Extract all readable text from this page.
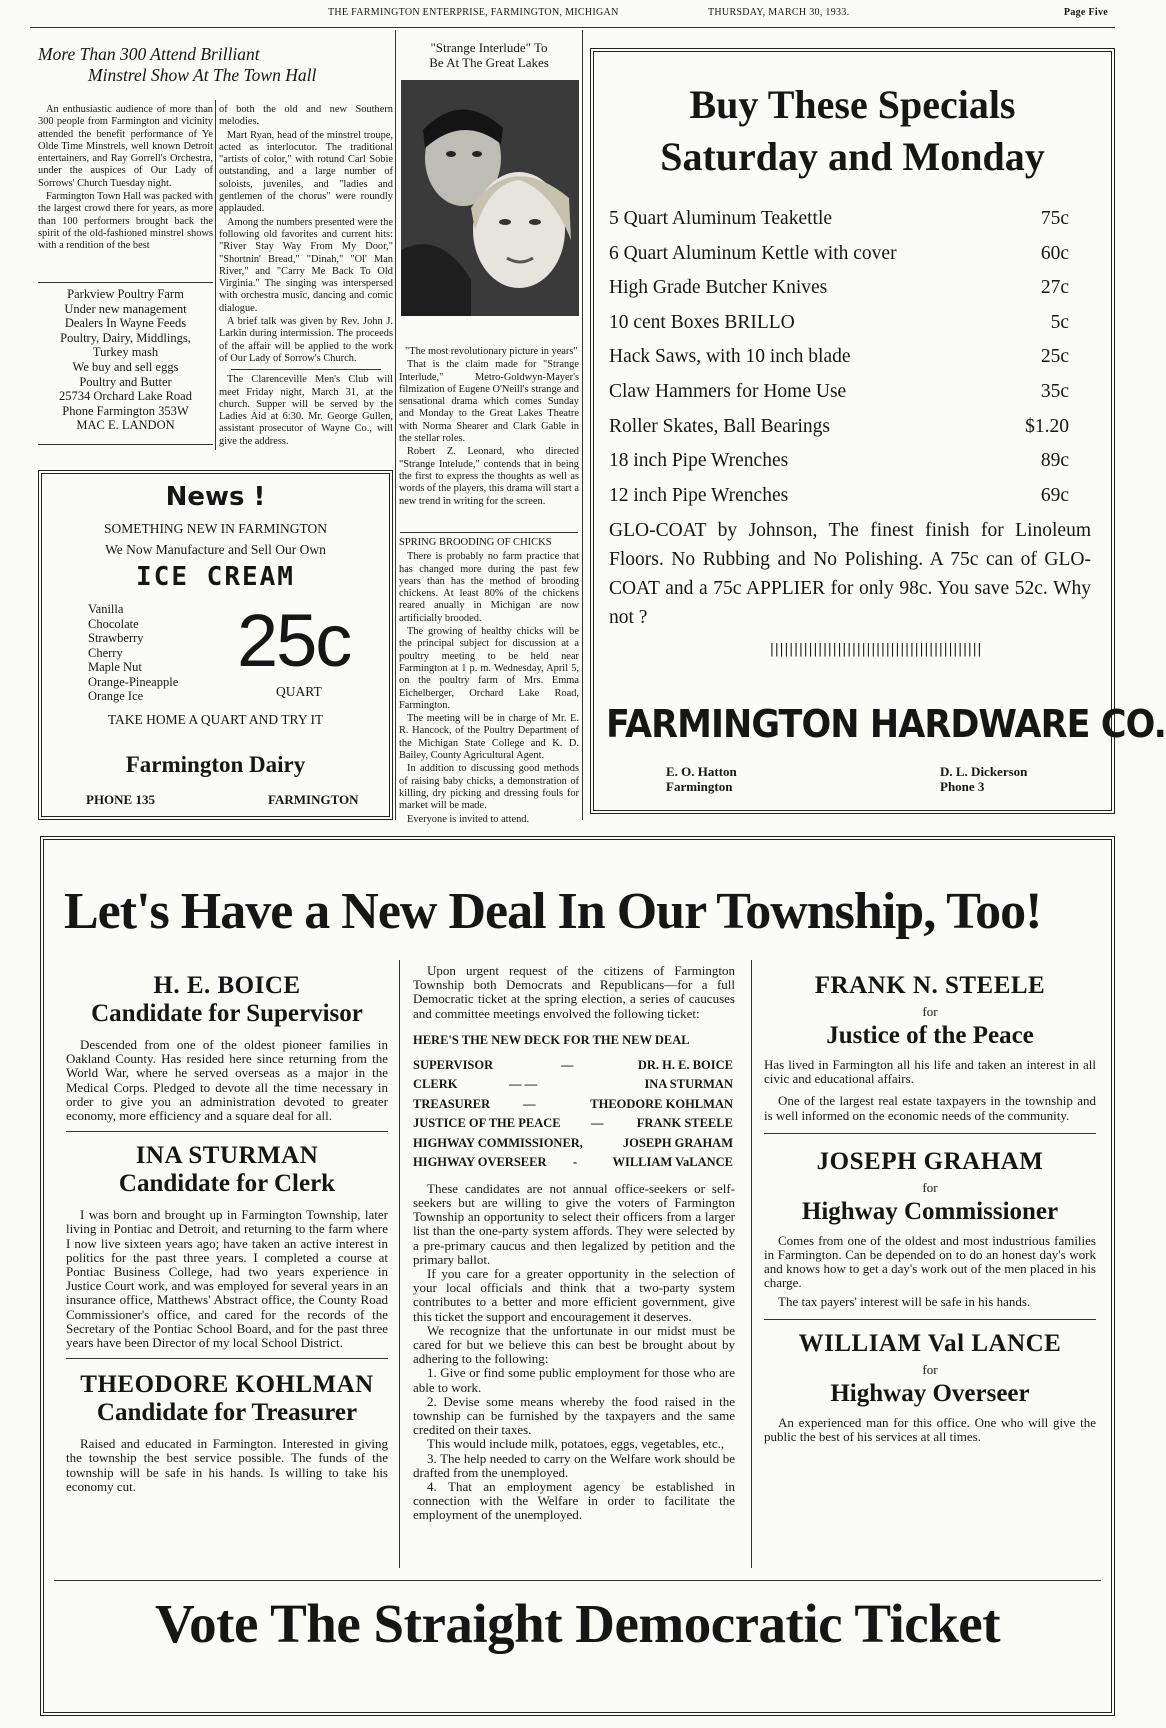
THE FARMINGTON ENTERPRISE, FARMINGTON, MICHIGAN	THURSDAY, MARCH 30, 1933.	Page Five
More Than 300 Attend Brilliant
Minstrel Show At The Town Hall

An enthusiastic audience of more than 300 people from Farmington and vicinity attended the benefit performance of Ye Olde Time Minstrels, well known Detroit entertainers, and Ray Gorrell's Orchestra, under the auspices of Our Lady of Sorrows' Church Tuesday night.

Farmington Town Hall was packed with the largest crowd there for years, as more than 100 performers brought back the spirit of the old-fashioned minstrel shows with a rendition of the best

of both the old and new Southern melodies.

Mart Ryan, head of the minstrel troupe, acted as interlocutor. The traditional "artists of color," with rotund Carl Sobie outstanding, and a large number of soloists, juveniles, and "ladies and gentlemen of the chorus" were roundly applauded.

Among the numbers presented were the following old favorites and current hits: "River Stay Way From My Door," "Shortnin' Bread," "Dinah," "Ol' Man River," and "Carry Me Back To Old Virginia." The singing was interspersed with orchestra music, dancing and comic dialogue.

A brief talk was given by Rev. John J. Larkin during intermission. The proceeds of the affair will be applied to the work of Our Lady of Sorrow's Church.

The Clarenceville Men's Club will meet Friday night, March 31, at the church. Supper will be served by the Ladies Aid at 6:30. Mr. George Gullen, assistant prosecutor of Wayne Co., will give the address.

Parkview Poultry Farm
Under new management
Dealers In Wayne Feeds
Poultry, Dairy, Middlings,
Turkey mash
We buy and sell eggs
Poultry and Butter
25734 Orchard Lake Road
Phone Farmington 353W
MAC E. LANDON
News !
SOMETHING NEW IN FARMINGTON
We Now Manufacture and Sell Our Own
ICE CREAM
Vanilla
Chocolate
Strawberry
Cherry
Maple Nut
Orange-Pineapple
Orange Ice
25c
QUART
TAKE HOME A QUART AND TRY IT
Farmington Dairy
PHONE 135	FARMINGTON
"Strange Interlude" To
Be At The Great Lakes

"The most revolutionary picture in years"

That is the claim made for "Strange Interlude," Metro-Goldwyn-Mayer's filmization of Eugene O'Neill's strange and sensational drama which comes Sunday and Monday to the Great Lakes Theatre with Norma Shearer and Clark Gable in the stellar roles.

Robert Z. Leonard, who directed "Strange Intelude," contends that in being the first to express the thoughts as well as words of the players, this drama will start a new trend in writing for the screen.

SPRING BROODING OF CHICKS

There is probably no farm practice that has changed more during the past few years than has the method of brooding chickens. At least 80% of the chickens reared anually in Michigan are now artificially brooded.

The growing of healthy chicks will be the principal subject for discussion at a poultry meeting to be held near Farmington at 1 p. m. Wednesday, April 5, on the poultry farm of Mrs. Emma Eichelberger, Orchard Lake Road, Farmington.

The meeting will be in charge of Mr. E. R. Hancock, of the Poultry Department of the Michigan State College and K. D. Bailey, County Agricultural Agent.

In addition to discussing good methods of raising baby chicks, a demonstration of killing, dry picking and dressing fouls for market will be made.

Everyone is invited to attend.

Buy These Specials
Saturday and Monday
5 Quart Aluminum Teakettle	75c
6 Quart Aluminum Kettle with cover	60c
High Grade Butcher Knives	27c
10 cent Boxes BRILLO	5c
Hack Saws, with 10 inch blade	25c
Claw Hammers for Home Use	35c
Roller Skates, Ball Bearings	$1.20
18 inch Pipe Wrenches	89c
12 inch Pipe Wrenches	69c
GLO-COAT by Johnson, The finest finish for Linoleum Floors. No Rubbing and No Polishing. A 75c can of GLO-COAT and a 75c APPLIER for only 98c. You save 52c. Why not ?
||||||||||||||||||||||||||||||||||||||||||||
FARMINGTON HARDWARE CO.
E. O. Hatton
Farmington
D. L. Dickerson
Phone 3
Let's Have a New Deal In Our Township, Too!
H. E. BOICE
Candidate for Supervisor

Descended from one of the oldest pioneer families in Oakland County. Has resided here since returning from the World War, where he served overseas as a major in the Medical Corps. Pledged to devote all the time necessary in order to give you an administration devoted to greater economy, more efficiency and a square deal for all.

INA STURMAN
Candidate for Clerk

I was born and brought up in Farmington Township, later living in Pontiac and Detroit, and returning to the farm where I now live sixteen years ago; have taken an active interest in politics for the past three years. I completed a course at Pontiac Business College, had two years experience in Justice Court work, and was employed for several years in an insurance office, Matthews' Abstract office, the County Road Commissioner's office, and cared for the records of the Secretary of the Pontiac School Board, and for the past three years have been Director of my local School District.

THEODORE KOHLMAN
Candidate for Treasurer

Raised and educated in Farmington. Interested in giving the township the best service possible. The funds of the township will be safe in his hands. Is willing to take his economy cut.

Upon urgent request of the citizens of Farmington Township both Democrats and Republicans—for a full Democratic ticket at the spring election, a series of caucuses and committee meetings envolved the following ticket:

HERE'S THE NEW DECK FOR THE NEW DEAL
SUPERVISOR	—	DR. H. E. BOICE
CLERK	— —	INA STURMAN
TREASURER	—	THEODORE KOHLMAN
JUSTICE OF THE PEACE —	FRANK STEELE
HIGHWAY COMMISSIONER,	JOSEPH GRAHAM
HIGHWAY OVERSEER -	WILLIAM VaLANCE

These candidates are not annual office-seekers or self-seekers but are willing to give the voters of Farmington Township an opportunity to select their officers from a larger list than the one-party system affords. They were selected by a pre-primary caucus and then legalized by petition and the primary ballot.

If you care for a greater opportunity in the selection of your local officials and think that a two-party system contributes to a better and more efficient government, give this ticket the support and encouragement it deserves.

We recognize that the unfortunate in our midst must be cared for but we believe this can best be brought about by adhering to the following:

1. Give or find some public employment for those who are able to work.

2. Devise some means whereby the food raised in the township can be furnished by the taxpayers and the same credited on their taxes.

This would include milk, potatoes, eggs, vegetables, etc.,

3. The help needed to carry on the Welfare work should be drafted from the unemployed.

4. That an employment agency be established in connection with the Welfare in order to facilitate the employment of the unemployed.

FRANK N. STEELE
for
Justice of the Peace

Has lived in Farmington all his life and taken an interest in all civic and educational affairs.

One of the largest real estate taxpayers in the township and is well informed on the economic needs of the community.

JOSEPH GRAHAM
for
Highway Commissioner

Comes from one of the oldest and most industrious families in Farmington. Can be depended on to do an honest day's work and knows how to get a day's work out of the men placed in his charge.

The tax payers' interest will be safe in his hands.

WILLIAM Val LANCE
for
Highway Overseer

An experienced man for this office. One who will give the public the best of his services at all times.

Vote The Straight Democratic Ticket
